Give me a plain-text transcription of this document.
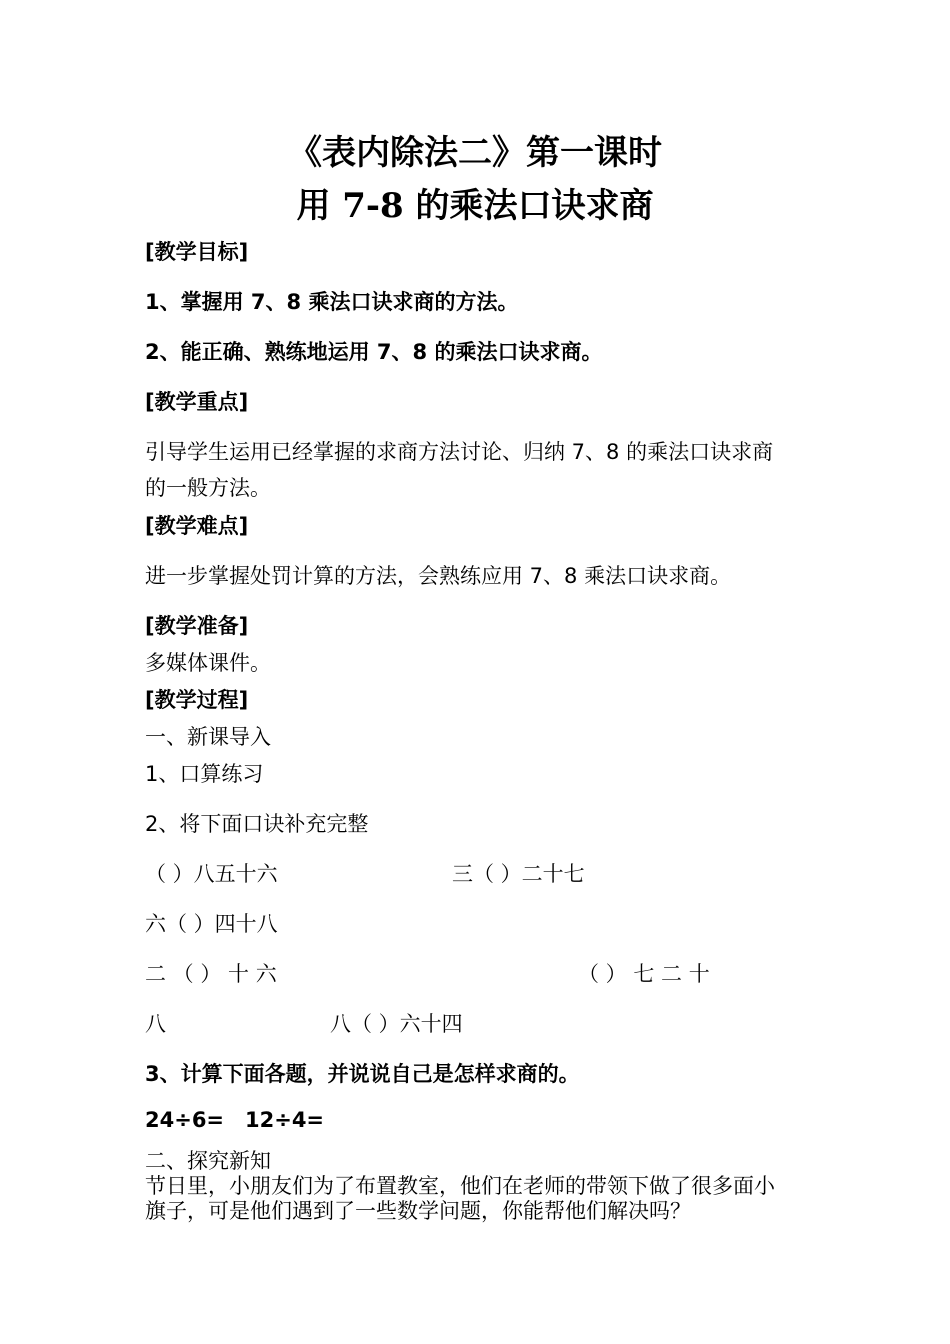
《表内除法二》第一课时
用 7-8 的乘法口诀求商
[教学目标]
1、掌握用 7、8 乘法口诀求商的方法。
2、能正确、熟练地运用 7、8 的乘法口诀求商。
[教学重点]
引导学生运用已经掌握的求商方法讨论、归纳 7、8 的乘法口诀求商
的一般方法。
[教学难点]
进一步掌握处罚计算的方法，会熟练应用 7、8 乘法口诀求商。
[教学准备]
多媒体课件。
[教学过程]
一、新课导入
1、口算练习
2、将下面口诀补充完整
（ ）八五十六	三（ ）二十七
六（ ）四十八
二 （ ） 十 六	（ ） 七 二 十
八	八（ ）六十四
3、计算下面各题，并说说自己是怎样求商的。
24÷6= 12÷4=
二、探究新知
节日里，小朋友们为了布置教室，他们在老师的带领下做了很多面小
旗子，可是他们遇到了一些数学问题，你能帮他们解决吗？
